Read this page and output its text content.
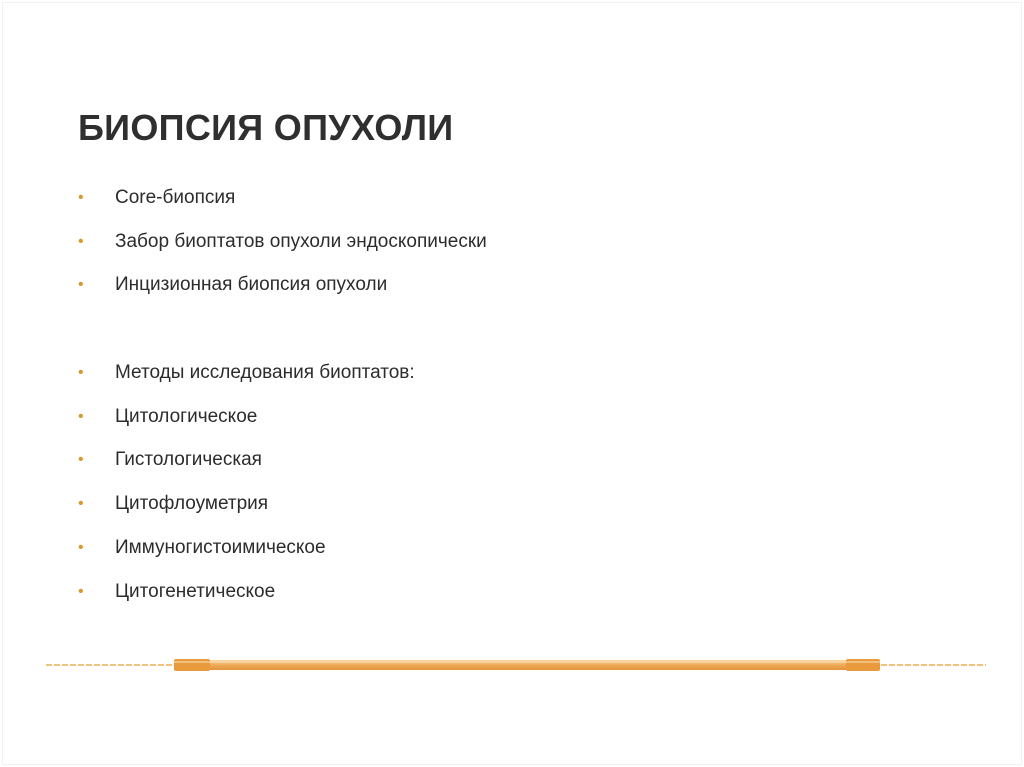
БИОПСИЯ ОПУХОЛИ
• Core-биопсия
• Забор биоптатов опухоли эндоскопически
• Инцизионная биопсия опухоли
• Методы исследования биоптатов:
• Цитологическое
• Гистологическая
• Цитофлоуметрия
• Иммуногистоимическое
• Цитогенетическое
